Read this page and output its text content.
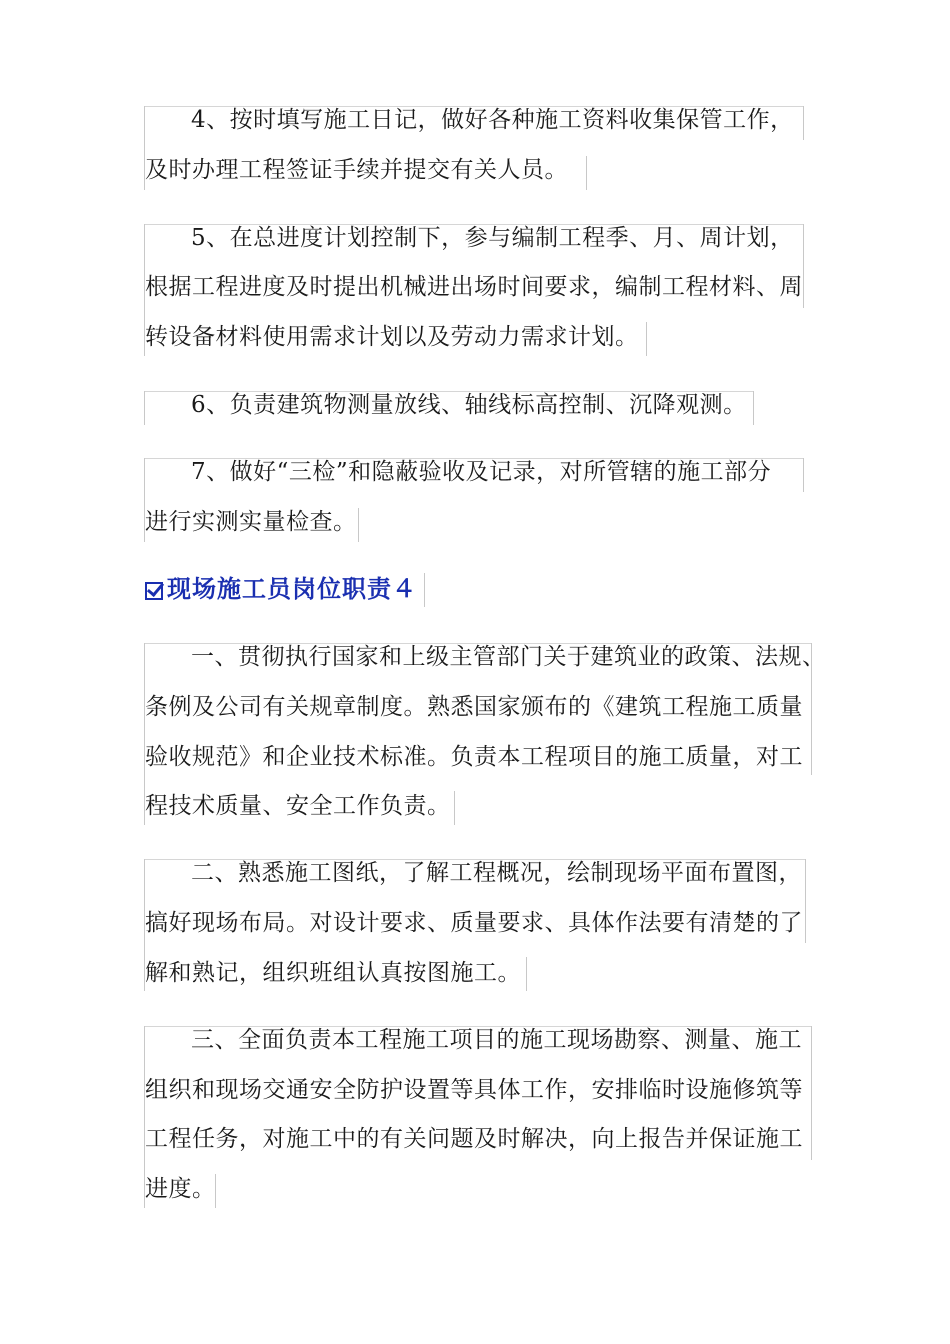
4、按时填写施工日记，做好各种施工资料收集保管工作，
及时办理工程签证手续并提交有关人员。
5、在总进度计划控制下，参与编制工程季、月、周计划，
根据工程进度及时提出机械进出场时间要求，编制工程材料、周
转设备材料使用需求计划以及劳动力需求计划。
6、负责建筑物测量放线、轴线标高控制、沉降观测。
7、做好“三检”和隐蔽验收及记录，对所管辖的施工部分
进行实测实量检查。
现场施工员岗位职责４
一、贯彻执行国家和上级主管部门关于建筑业的政策、法规、
条例及公司有关规章制度。熟悉国家颁布的《建筑工程施工质量
验收规范》和企业技术标准。负责本工程项目的施工质量，对工
程技术质量、安全工作负责。
二、熟悉施工图纸，了解工程概况，绘制现场平面布置图，
搞好现场布局。对设计要求、质量要求、具体作法要有清楚的了
解和熟记，组织班组认真按图施工。
三、全面负责本工程施工项目的施工现场勘察、测量、施工
组织和现场交通安全防护设置等具体工作，安排临时设施修筑等
工程任务，对施工中的有关问题及时解决，向上报告并保证施工
进度。
